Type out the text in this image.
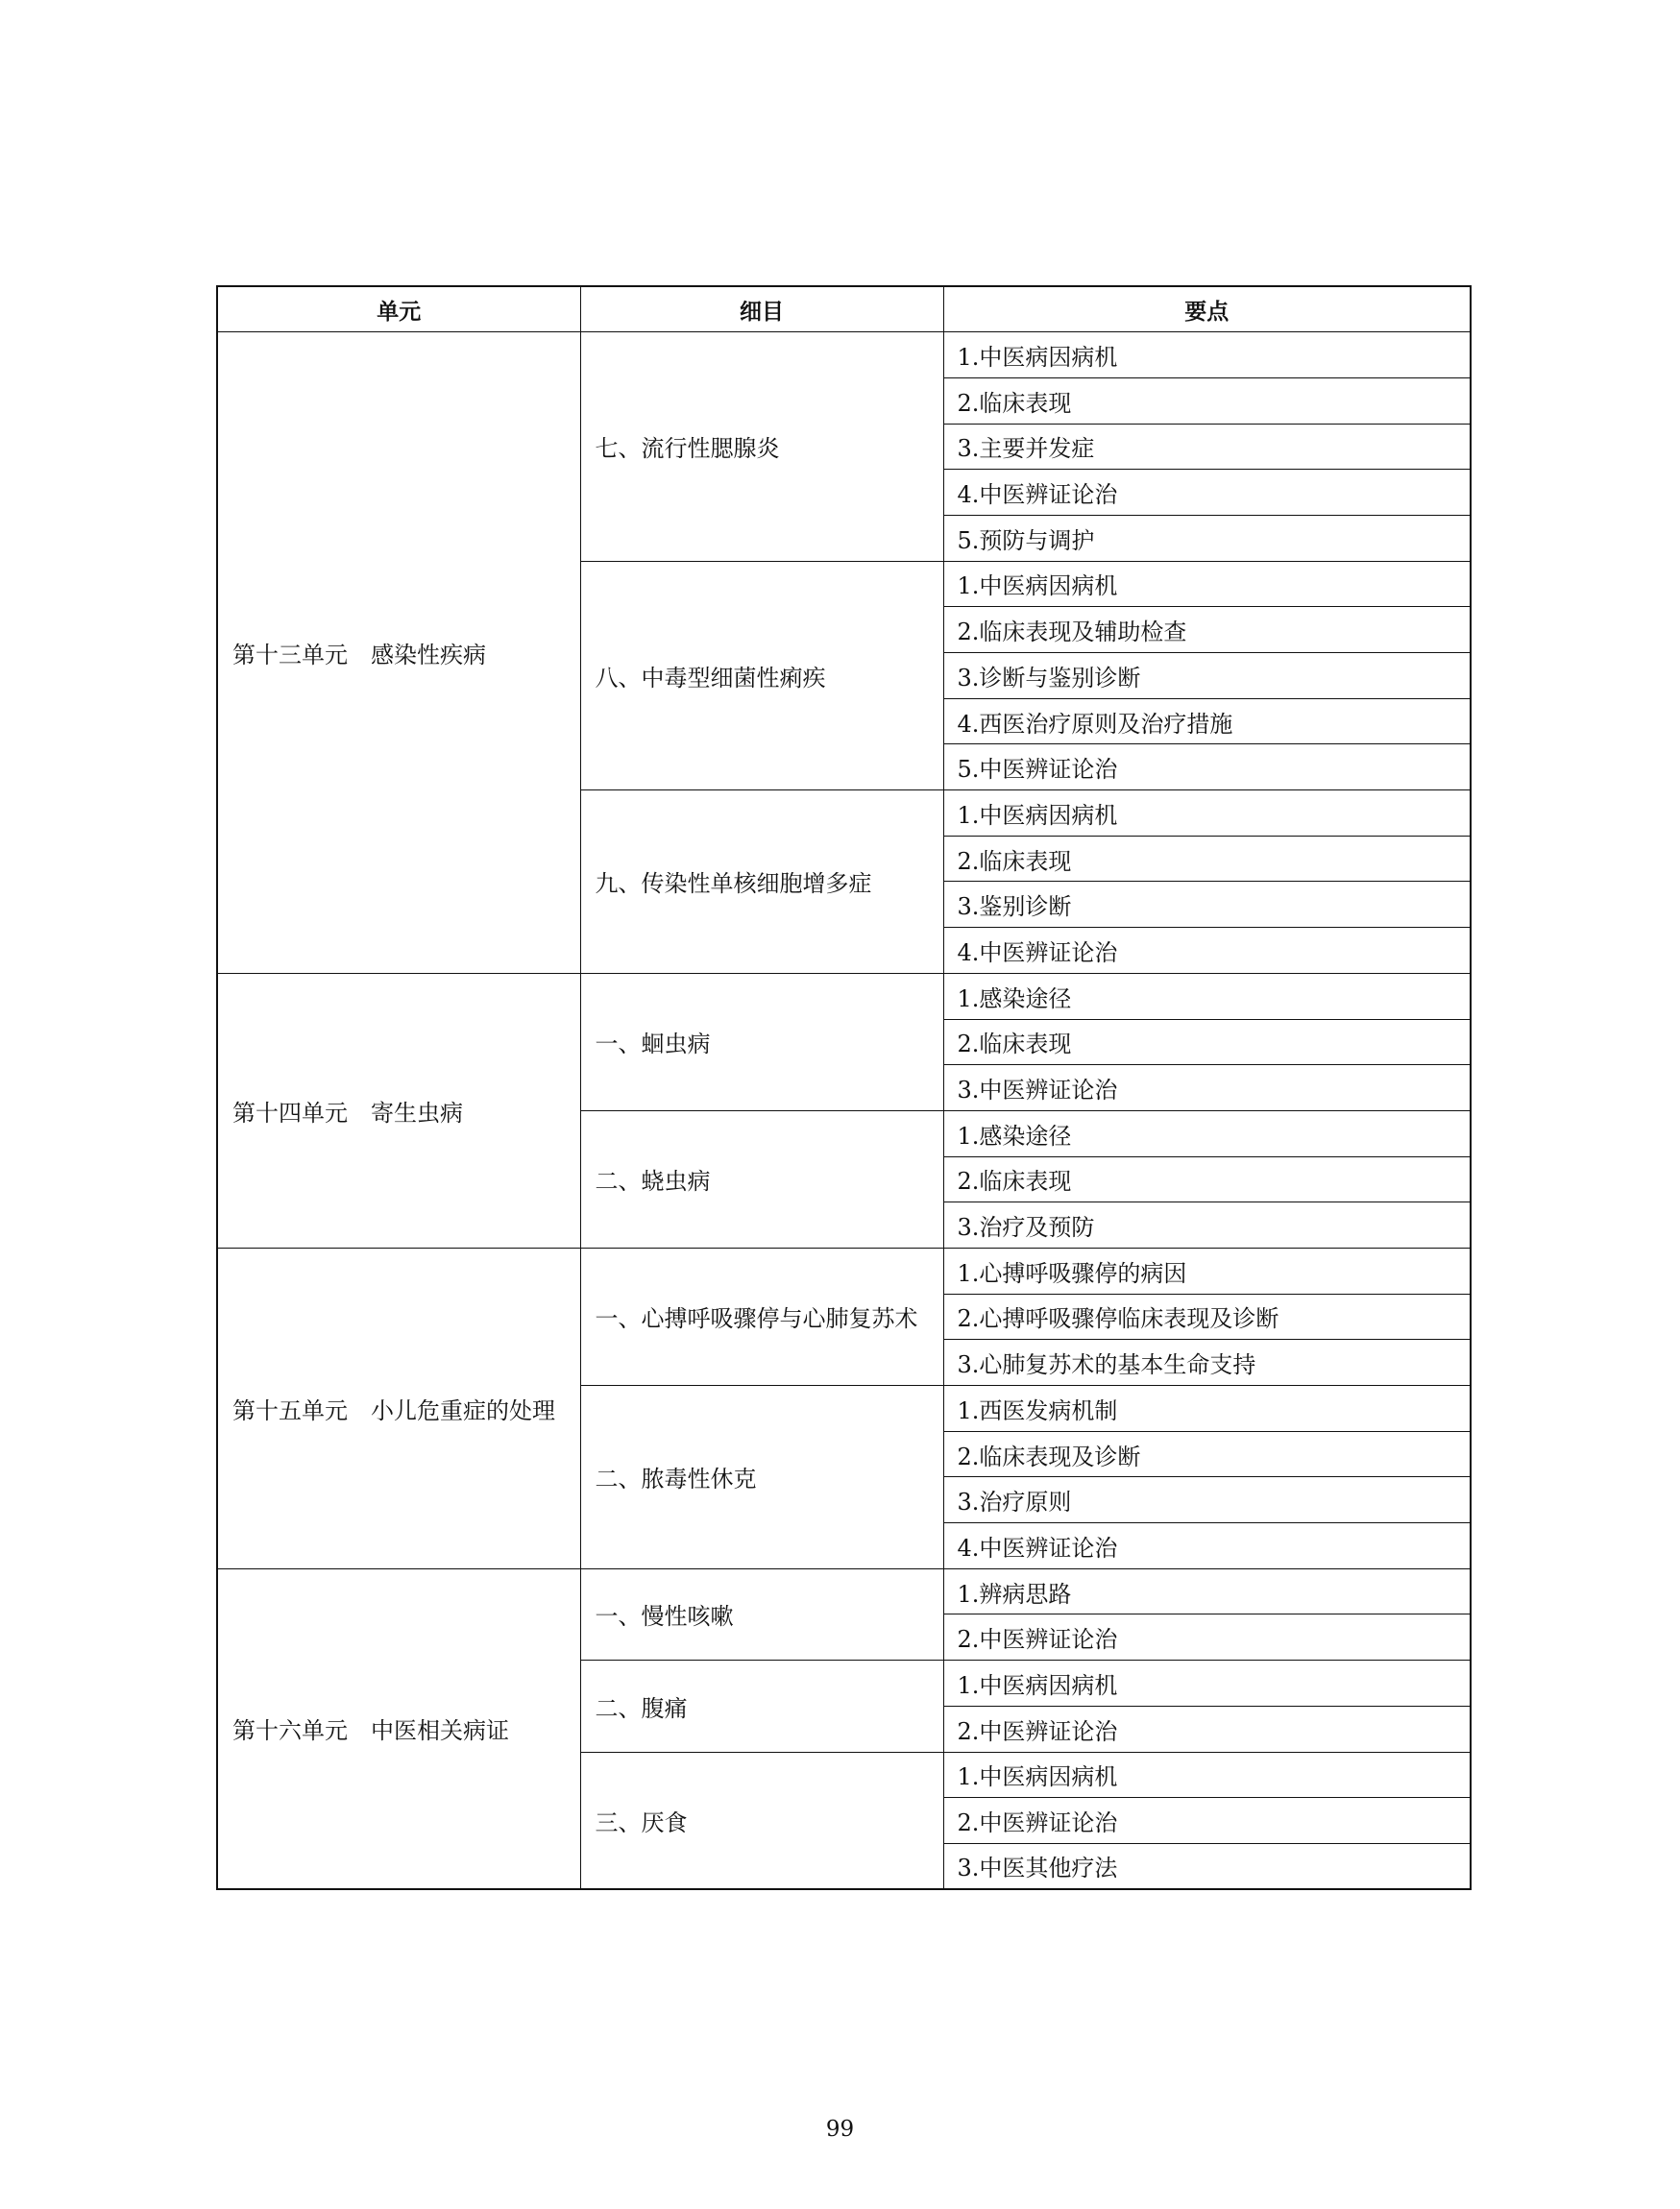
单元	细目	要点
第十三单元　感染性疾病	七、流行性腮腺炎	1.中医病因病机
		2.临床表现
		3.主要并发症
		4.中医辨证论治
		5.预防与调护
	八、中毒型细菌性痢疾	1.中医病因病机
		2.临床表现及辅助检查
		3.诊断与鉴别诊断
		4.西医治疗原则及治疗措施
		5.中医辨证论治
	九、传染性单核细胞增多症	1.中医病因病机
		2.临床表现
		3.鉴别诊断
		4.中医辨证论治
第十四单元　寄生虫病	一、蛔虫病	1.感染途径
		2.临床表现
		3.中医辨证论治
	二、蛲虫病	1.感染途径
		2.临床表现
		3.治疗及预防
第十五单元　小儿危重症的处理	一、心搏呼吸骤停与心肺复苏术	1.心搏呼吸骤停的病因
		2.心搏呼吸骤停临床表现及诊断
		3.心肺复苏术的基本生命支持
	二、脓毒性休克	1.西医发病机制
		2.临床表现及诊断
		3.治疗原则
		4.中医辨证论治
第十六单元　中医相关病证	一、慢性咳嗽	1.辨病思路
		2.中医辨证论治
	二、腹痛	1.中医病因病机
		2.中医辨证论治
	三、厌食	1.中医病因病机
		2.中医辨证论治
		3.中医其他疗法
99
